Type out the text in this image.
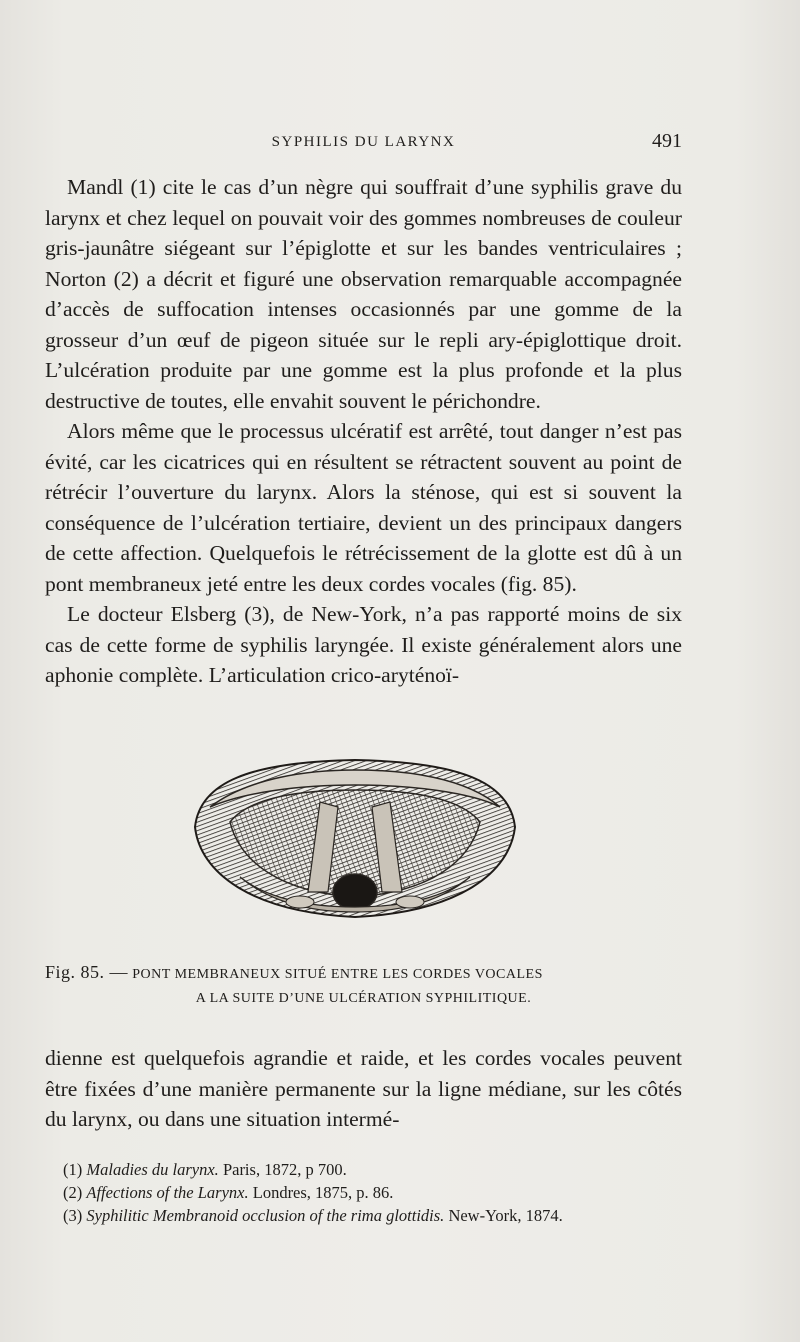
SYPHILIS DU LARYNX	491

Mandl (1) cite le cas d’un nègre qui souffrait d’une syphilis grave du larynx et chez lequel on pouvait voir des gommes nombreuses de couleur gris-jaunâtre siégeant sur l’épiglotte et sur les bandes ventriculaires ; Norton (2) a décrit et figuré une observation remarquable accompagnée d’accès de suffocation intenses occasionnés par une gomme de la grosseur d’un œuf de pigeon située sur le repli ary-épiglottique droit. L’ulcération produite par une gomme est la plus profonde et la plus destructive de toutes, elle envahit souvent le périchondre.

Alors même que le processus ulcératif est arrêté, tout danger n’est pas évité, car les cicatrices qui en résultent se rétractent souvent au point de rétrécir l’ouverture du larynx. Alors la sténose, qui est si souvent la conséquence de l’ulcération tertiaire, devient un des principaux dangers de cette affection. Quelquefois le rétrécissement de la glotte est dû à un pont membraneux jeté entre les deux cordes vocales (fig. 85).

Le docteur Elsberg (3), de New-York, n’a pas rapporté moins de six cas de cette forme de syphilis laryngée. Il existe généralement alors une aphonie complète. L’articulation crico-aryténoï-

Fig. 85. — PONT MEMBRANEUX SITUÉ ENTRE LES CORDES VOCALES
A LA SUITE D’UNE ULCÉRATION SYPHILITIQUE.

dienne est quelquefois agrandie et raide, et les cordes vocales peuvent être fixées d’une manière permanente sur la ligne médiane, sur les côtés du larynx, ou dans une situation intermé-

(1) Maladies du larynx. Paris, 1872, p 700.

(2) Affections of the Larynx. Londres, 1875, p. 86.

(3) Syphilitic Membranoid occlusion of the rima glottidis. New-York, 1874.
